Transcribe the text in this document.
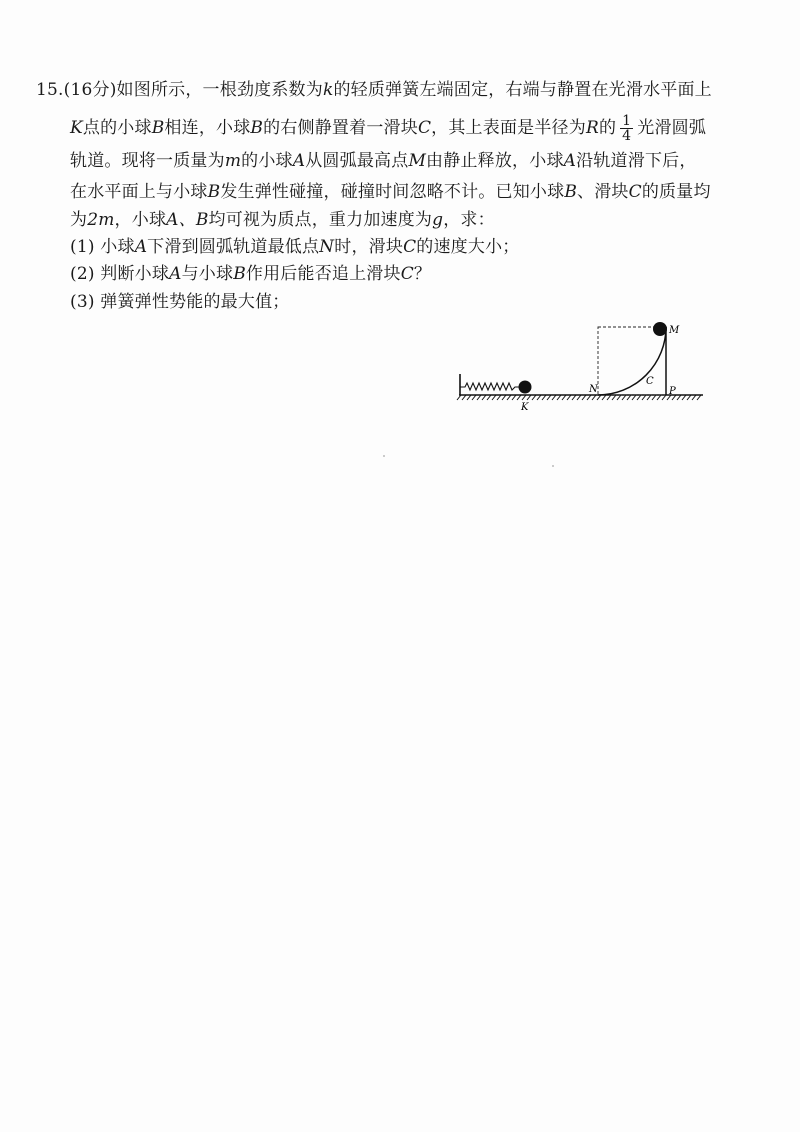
15.(16分)如图所示，一根劲度系数为k的轻质弹簧左端固定，右端与静置在光滑水平面上
K点的小球B相连，小球B的右侧静置着一滑块C，其上表面是半径为R的 $\frac{1}{4}$ 光滑圆弧
轨道。现将一质量为m的小球A从圆弧最高点M由静止释放，小球A沿轨道滑下后，
在水平面上与小球B发生弹性碰撞，碰撞时间忽略不计。已知小球B、滑块C的质量均
为2m，小球A、B均可视为质点，重力加速度为g，求：
(1) 小球A下滑到圆弧轨道最低点N时，滑块C的速度大小；
(2) 判断小球A与小球B作用后能否追上滑块C？
(3) 弹簧弹性势能的最大值；
K
M
N
C
P
